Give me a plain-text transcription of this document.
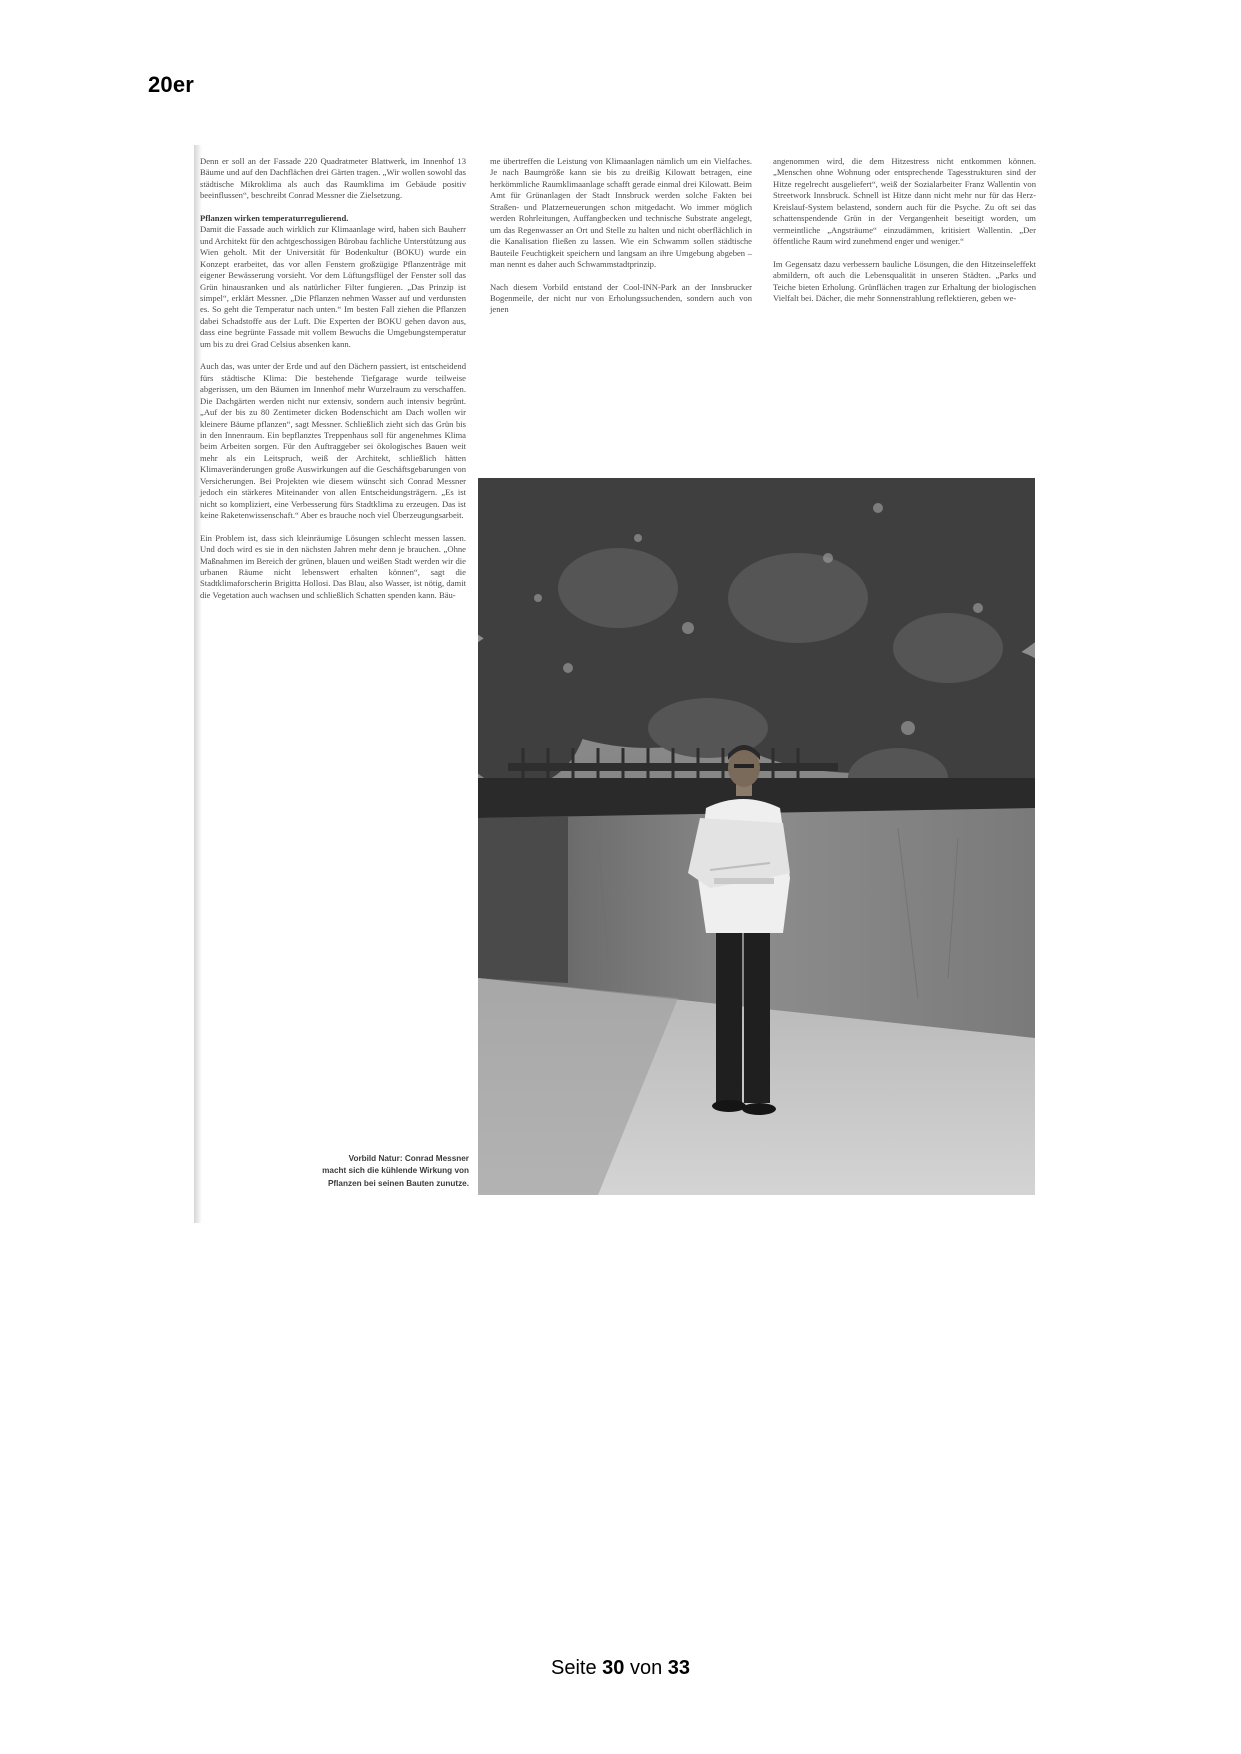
20er

Denn er soll an der Fassade 220 Quadratmeter Blattwerk, im Innenhof 13 Bäume und auf den Dachflächen drei Gärten tragen. „Wir wollen sowohl das städtische Mikroklima als auch das Raumklima im Gebäude positiv beeinflussen“, beschreibt Conrad Messner die Zielsetzung.

Pflanzen wirken temperaturregulierend.

Damit die Fassade auch wirklich zur Klimaanlage wird, haben sich Bauherr und Architekt für den achtgeschossigen Bürobau fachliche Unterstützung aus Wien geholt. Mit der Universität für Bodenkultur (BOKU) wurde ein Konzept erarbeitet, das vor allen Fenstern großzügige Pflanzenträge mit eigener Bewässerung vorsieht. Vor dem Lüftungsflügel der Fenster soll das Grün hinausranken und als natürlicher Filter fungieren. „Das Prinzip ist simpel“, erklärt Messner. „Die Pflanzen nehmen Wasser auf und verdunsten es. So geht die Temperatur nach unten.“ Im besten Fall ziehen die Pflanzen dabei Schadstoffe aus der Luft. Die Experten der BOKU gehen davon aus, dass eine begrünte Fassade mit vollem Bewuchs die Umgebungstemperatur um bis zu drei Grad Celsius absenken kann.

Auch das, was unter der Erde und auf den Dächern passiert, ist entscheidend fürs städtische Klima: Die bestehende Tiefgarage wurde teilweise abgerissen, um den Bäumen im Innenhof mehr Wurzelraum zu verschaffen. Die Dachgärten werden nicht nur extensiv, sondern auch intensiv begrünt. „Auf der bis zu 80 Zentimeter dicken Bodenschicht am Dach wollen wir kleinere Bäume pflanzen“, sagt Messner. Schließlich zieht sich das Grün bis in den Innenraum. Ein bepflanztes Treppenhaus soll für angenehmes Klima beim Arbeiten sorgen. Für den Auftraggeber sei ökologisches Bauen weit mehr als ein Leitspruch, weiß der Architekt, schließlich hätten Klimaveränderungen große Auswirkungen auf die Geschäftsgebarungen von Versicherungen. Bei Projekten wie diesem wünscht sich Conrad Messner jedoch ein stärkeres Miteinander von allen Entscheidungsträgern. „Es ist nicht so kompliziert, eine Verbesserung fürs Stadtklima zu erzeugen. Das ist keine Raketenwissenschaft.“ Aber es brauche noch viel Überzeugungsarbeit.

Ein Problem ist, dass sich kleinräumige Lösungen schlecht messen lassen. Und doch wird es sie in den nächsten Jahren mehr denn je brauchen. „Ohne Maßnahmen im Bereich der grünen, blauen und weißen Stadt werden wir die urbanen Räume nicht lebenswert erhalten können“, sagt die Stadtklimaforscherin Brigitta Hollosi. Das Blau, also Wasser, ist nötig, damit die Vegetation auch wachsen und schließlich Schatten spenden kann. Bäu-

me übertreffen die Leistung von Klimaanlagen nämlich um ein Vielfaches. Je nach Baumgröße kann sie bis zu dreißig Kilowatt betragen, eine herkömmliche Raumklimaanlage schafft gerade einmal drei Kilowatt. Beim Amt für Grünanlagen der Stadt Innsbruck werden solche Fakten bei Straßen- und Platzerneuerungen schon mitgedacht. Wo immer möglich werden Rohrleitungen, Auffangbecken und technische Substrate angelegt, um das Regenwasser an Ort und Stelle zu halten und nicht oberflächlich in die Kanalisation fließen zu lassen. Wie ein Schwamm sollen städtische Bauteile Feuchtigkeit speichern und langsam an ihre Umgebung abgeben – man nennt es daher auch Schwammstadtprinzip.

Nach diesem Vorbild entstand der Cool-INN-Park an der Innsbrucker Bogenmeile, der nicht nur von Erholungssuchenden, sondern auch von jenen

angenommen wird, die dem Hitzestress nicht entkommen können. „Menschen ohne Wohnung oder entsprechende Tagesstrukturen sind der Hitze regelrecht ausgeliefert“, weiß der Sozialarbeiter Franz Wallentin von Streetwork Innsbruck. Schnell ist Hitze dann nicht mehr nur für das Herz-Kreislauf-System belastend, sondern auch für die Psyche. Zu oft sei das schattenspendende Grün in der Vergangenheit beseitigt worden, um vermeintliche „Angsträume“ einzudämmen, kritisiert Wallentin. „Der öffentliche Raum wird zunehmend enger und weniger.“

Im Gegensatz dazu verbessern bauliche Lösungen, die den Hitzeinseleffekt abmildern, oft auch die Lebensqualität in unseren Städten. „Parks und Teiche bieten Erholung. Grünflächen tragen zur Erhaltung der biologischen Vielfalt bei. Dächer, die mehr Sonnenstrahlung reflektieren, geben we-

Vorbild Natur: Conrad Messner
macht sich die kühlende Wirkung von
Pflanzen bei seinen Bauten zunutze.
Seite 30 von 33
